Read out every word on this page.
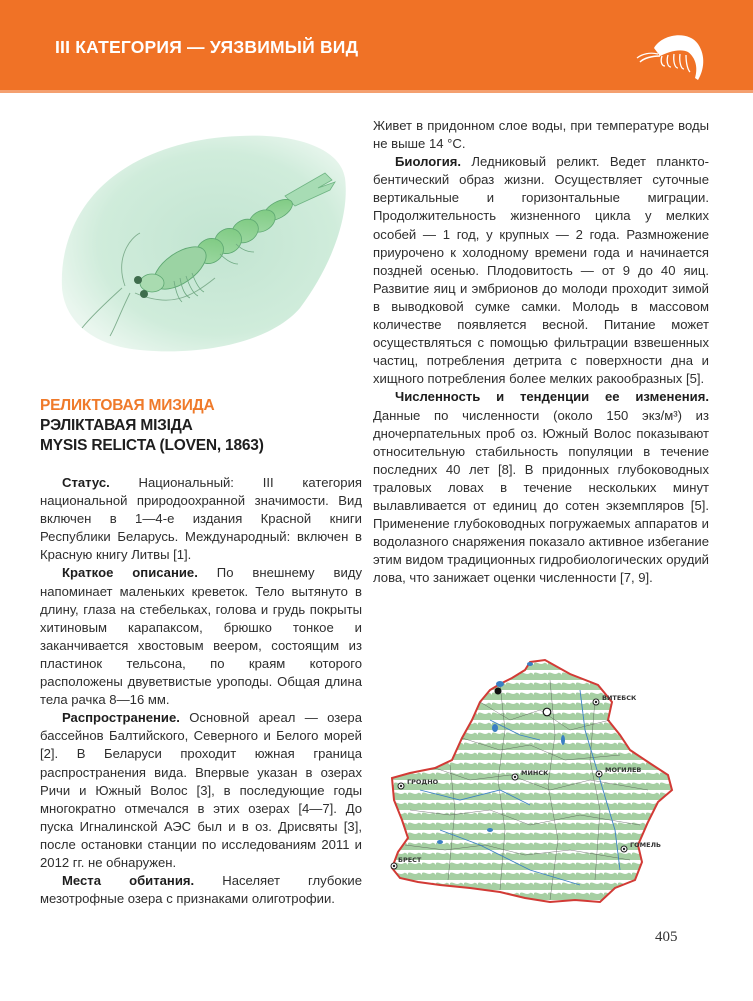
III КАТЕГОРИЯ — УЯЗВИМЫЙ ВИД
РЕЛИКТОВАЯ МИЗИДА
РЭЛІКТАВАЯ МІЗІДА
MYSIS RELICTA (LOVEN, 1863)

Статус. Национальный: III категория национальной природоохранной значимости. Вид включен в 1—4-е издания Красной книги Республики Беларусь. Международный: включен в Красную книгу Литвы [1].

Краткое описание. По внешнему виду напоминает маленьких креветок. Тело вытянуто в длину, глаза на стебельках, голова и грудь покрыты хитиновым карапаксом, брюшко тонкое и заканчивается хвостовым веером, состоящим из пластинок тельсона, по краям которого расположены двуветвистые уроподы. Общая длина тела рачка 8—16 мм.

Распространение. Основной ареал — озера бассейнов Балтийского, Северного и Белого морей [2]. В Беларуси проходит южная граница распространения вида. Впервые указан в озерах Ричи и Южный Волос [3], в последующие годы многократно отмечался в этих озерах [4—7]. До пуска Игналинской АЭС был и в оз. Дрисвяты [3], после остановки станции по исследованиям 2011 и 2012 гг. не обнаружен.

Места обитания. Населяет глубокие мезотрофные озера с признаками олиготрофии.

Живет в придонном слое воды, при температуре воды не выше 14 °С.

Биология. Ледниковый реликт. Ведет планкто-бентический образ жизни. Осуществляет суточные вертикальные и горизонтальные миграции. Продолжительность жизненного цикла у мелких особей — 1 год, у крупных — 2 года. Размножение приурочено к холодному времени года и начинается поздней осенью. Плодовитость — от 9 до 40 яиц. Развитие яиц и эмбрионов до молоди проходит зимой в выводковой сумке самки. Молодь в массовом количестве появляется весной. Питание может осуществляться с помощью фильтрации взвешенных частиц, потребления детрита с поверхности дна и хищного потребления более мелких ракообразных [5].

Численность и тенденции ее изменения. Данные по численности (около 150 экз/м³) из дночерпательных проб оз. Южный Волос показывают относительную стабильность популяции в течение последних 40 лет [8]. В придонных глубоководных траловых ловах в течение нескольких минут вылавливается от единиц до сотен экземпляров [5]. Применение глубоководных погружаемых аппаратов и водолазного снаряжения показало активное избегание этим видом традиционных гидробиологических орудий лова, что занижает оценки численности [7, 9].

ВИТЕБСК
МИНСК	МОГИЛЕВ
ГРОДНО
ГОМЕЛЬ
БРЕСТ
405
